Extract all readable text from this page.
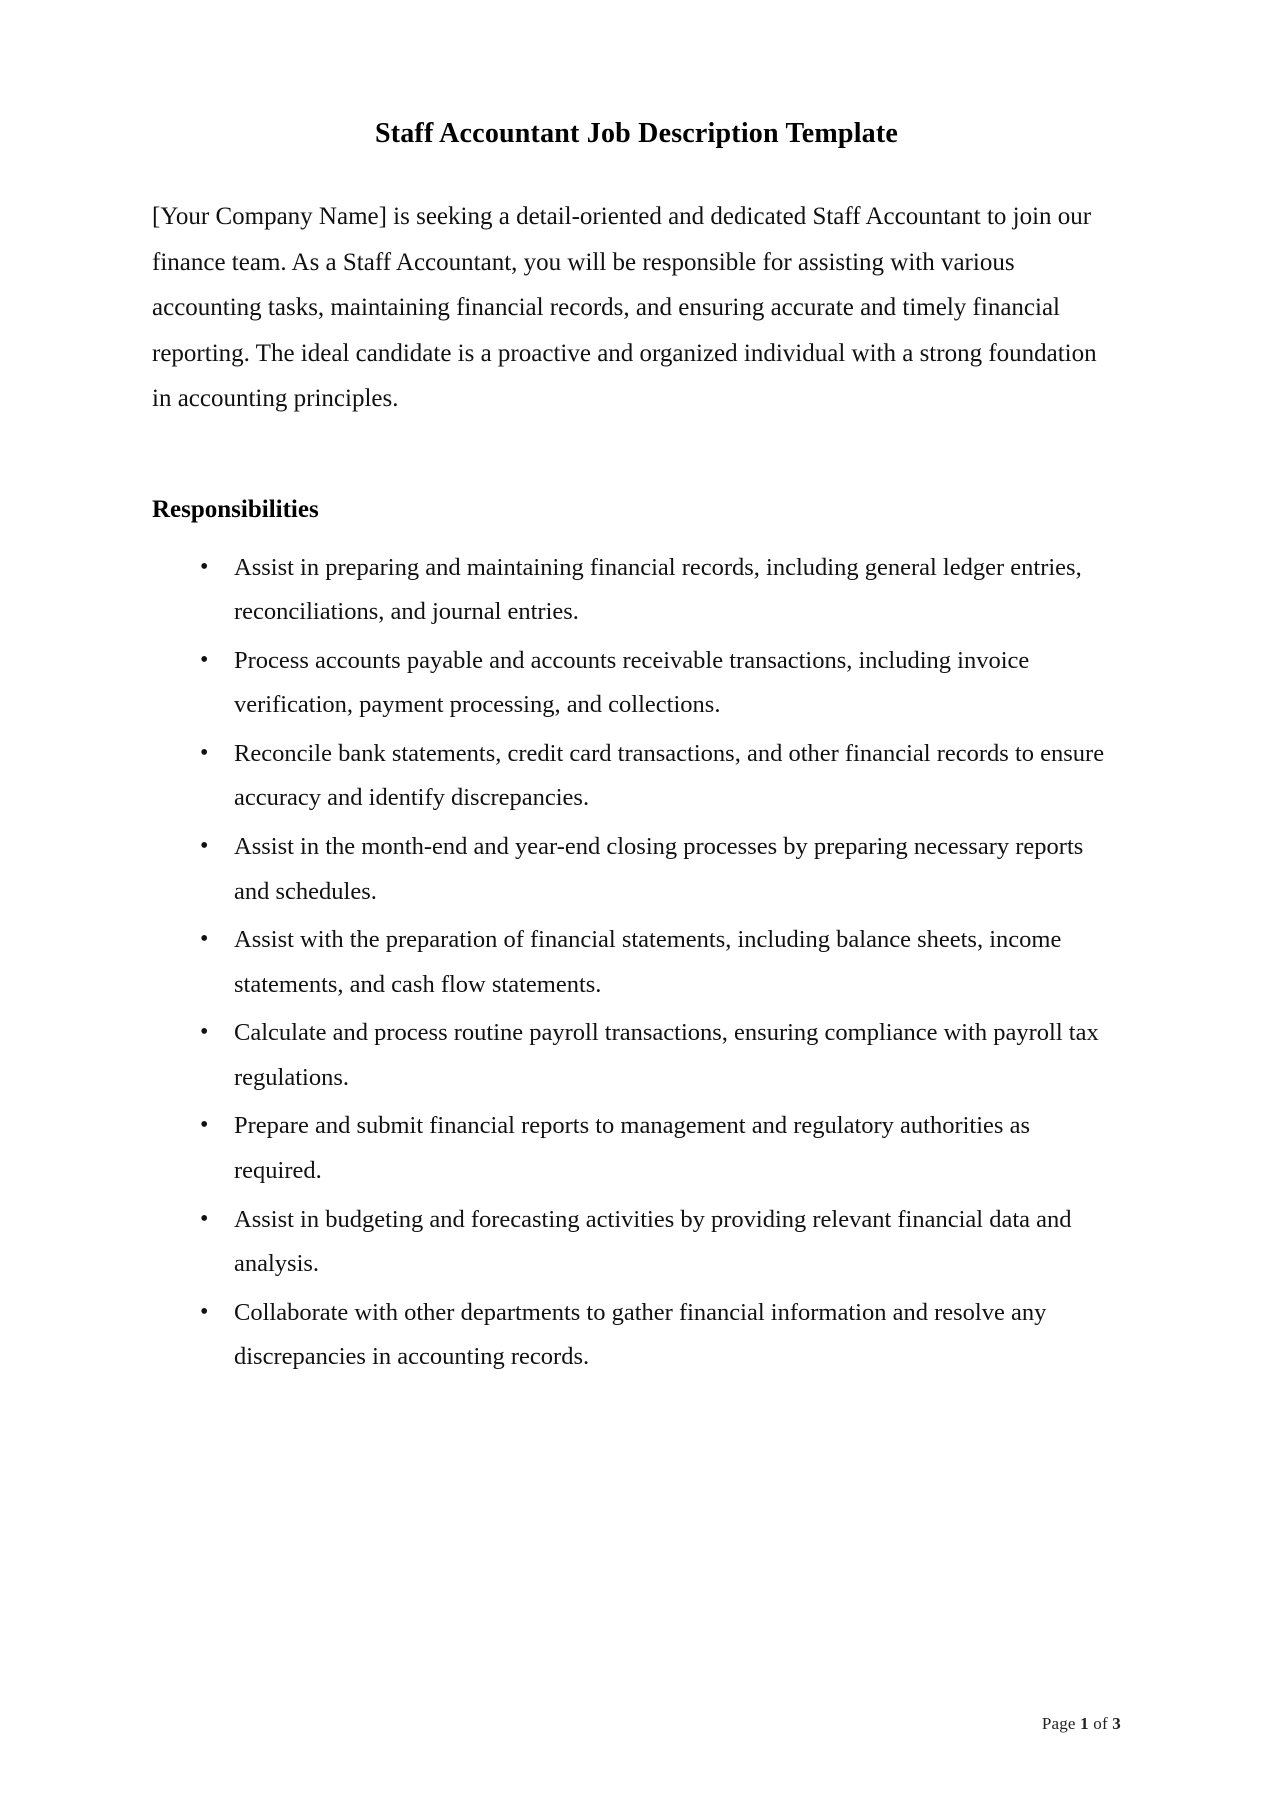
Staff Accountant Job Description Template

[Your Company Name] is seeking a detail-oriented and dedicated Staff Accountant to join our finance team. As a Staff Accountant, you will be responsible for assisting with various accounting tasks, maintaining financial records, and ensuring accurate and timely financial reporting. The ideal candidate is a proactive and organized individual with a strong foundation in accounting principles.

Responsibilities
• Assist in preparing and maintaining financial records, including general ledger entries, reconciliations, and journal entries.
• Process accounts payable and accounts receivable transactions, including invoice verification, payment processing, and collections.
• Reconcile bank statements, credit card transactions, and other financial records to ensure accuracy and identify discrepancies.
• Assist in the month-end and year-end closing processes by preparing necessary reports and schedules.
• Assist with the preparation of financial statements, including balance sheets, income statements, and cash flow statements.
• Calculate and process routine payroll transactions, ensuring compliance with payroll tax regulations.
• Prepare and submit financial reports to management and regulatory authorities as required.
• Assist in budgeting and forecasting activities by providing relevant financial data and analysis.
• Collaborate with other departments to gather financial information and resolve any discrepancies in accounting records.
Page 1 of 3
